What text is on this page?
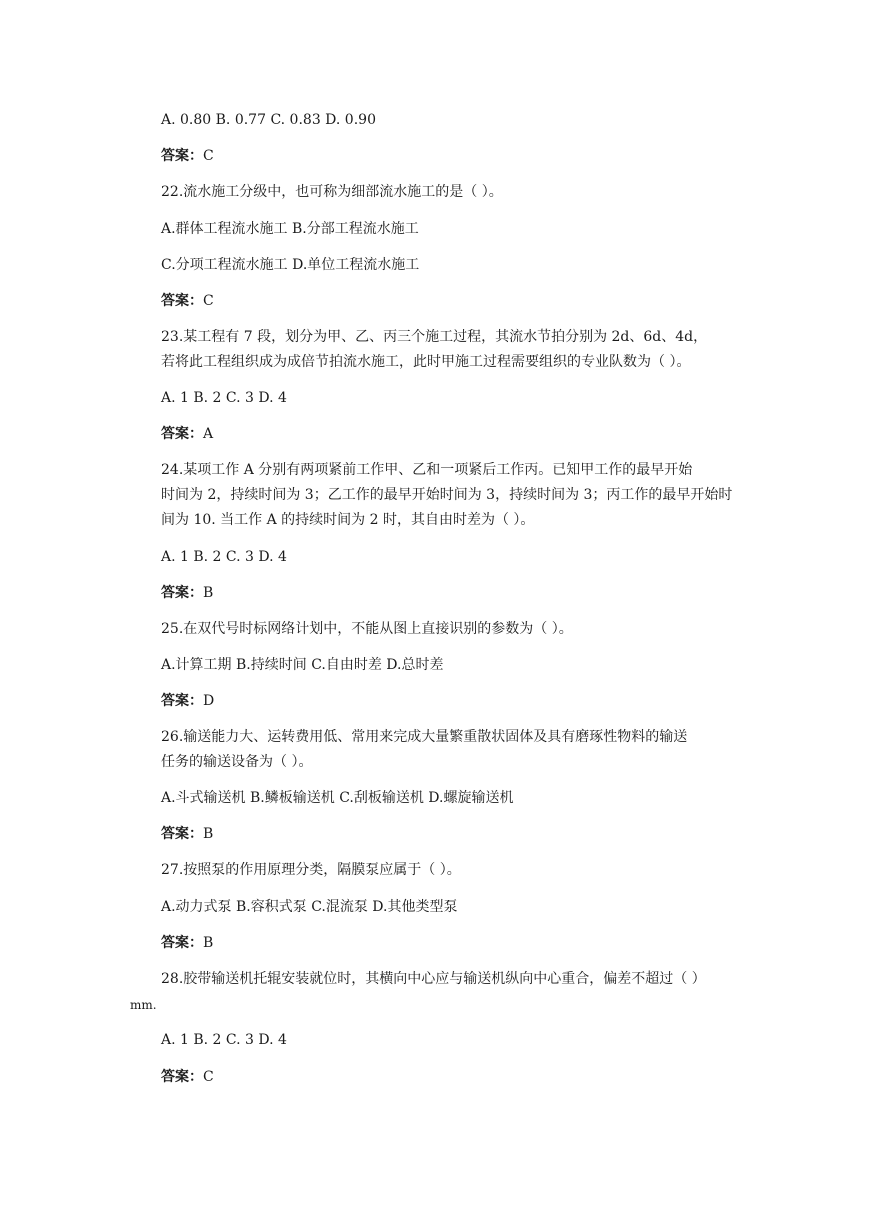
A. 0.80 B. 0.77 C. 0.83 D. 0.90
答案：C
22.流水施工分级中，也可称为细部流水施工的是（ ）。
A.群体工程流水施工 B.分部工程流水施工
C.分项工程流水施工 D.单位工程流水施工
答案：C
23.某工程有 7 段，划分为甲、乙、丙三个施工过程，其流水节拍分别为 2d、6d、4d，
若将此工程组织成为成倍节拍流水施工，此时甲施工过程需要组织的专业队数为（ ）。
A. 1 B. 2 C. 3 D. 4
答案：A
24.某项工作 A 分别有两项紧前工作甲、乙和一项紧后工作丙。已知甲工作的最早开始
时间为 2，持续时间为 3；乙工作的最早开始时间为 3，持续时间为 3；丙工作的最早开始时
间为 10. 当工作 A 的持续时间为 2 时，其自由时差为（ ）。
A. 1 B. 2 C. 3 D. 4
答案：B
25.在双代号时标网络计划中，不能从图上直接识别的参数为（ ）。
A.计算工期 B.持续时间 C.自由时差 D.总时差
答案：D
26.输送能力大、运转费用低、常用来完成大量繁重散状固体及具有磨琢性物料的输送
任务的输送设备为（ ）。
A.斗式输送机 B.鳞板输送机 C.刮板输送机 D.螺旋输送机
答案：B
27.按照泵的作用原理分类，隔膜泵应属于（ ）。
A.动力式泵 B.容积式泵 C.混流泵 D.其他类型泵
答案：B
28.胶带输送机托辊安装就位时，其横向中心应与输送机纵向中心重合，偏差不超过（ ）
mm.
A. 1 B. 2 C. 3 D. 4
答案：C
